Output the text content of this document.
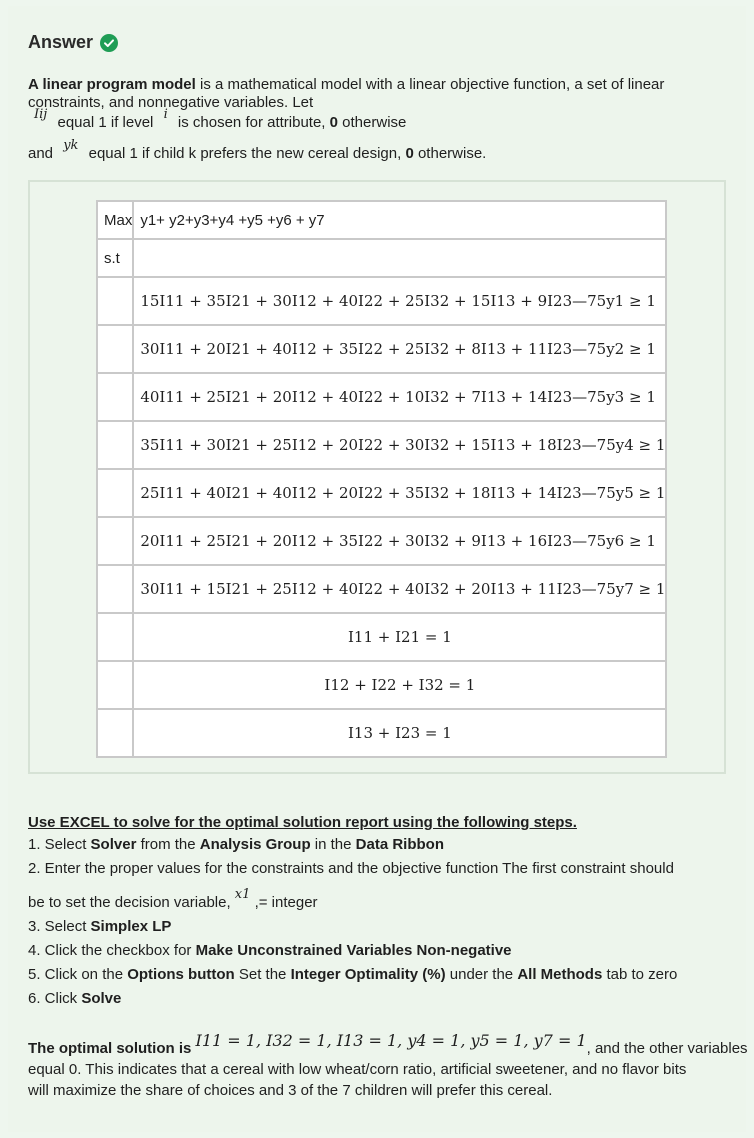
Answer
A linear program model is a mathematical model with a linear objective function, a set of linear constraints, and nonnegative variables. Let
Iij equal 1 if level i is chosen for attribute, 0 otherwise
and yk equal 1 if child k prefers the new cereal design, 0 otherwise.
Max	y1+ y2+y3+y4 +y5 +y6 + y7
s.t	
	15I11 + 35I21 + 30I12 + 40I22 + 25I32 + 15I13 + 9I23—75y1 ≥ 1
	30I11 + 20I21 + 40I12 + 35I22 + 25I32 + 8I13 + 11I23—75y2 ≥ 1
	40I11 + 25I21 + 20I12 + 40I22 + 10I32 + 7I13 + 14I23—75y3 ≥ 1
	35I11 + 30I21 + 25I12 + 20I22 + 30I32 + 15I13 + 18I23—75y4 ≥ 1
	25I11 + 40I21 + 40I12 + 20I22 + 35I32 + 18I13 + 14I23—75y5 ≥ 1
	20I11 + 25I21 + 20I12 + 35I22 + 30I32 + 9I13 + 16I23—75y6 ≥ 1
	30I11 + 15I21 + 25I12 + 40I22 + 40I32 + 20I13 + 11I23—75y7 ≥ 1
	I11 + I21 = 1
	I12 + I22 + I32 = 1
	I13 + I23 = 1
Use EXCEL to solve for the optimal solution report using the following steps.
1. Select Solver from the Analysis Group in the Data Ribbon
2. Enter the proper values for the constraints and the objective function The first constraint should
be to set the decision variable, x1 ,= integer
3. Select Simplex LP
4. Click the checkbox for Make Unconstrained Variables Non-negative
5. Click on the Options button Set the Integer Optimality (%) under the All Methods tab to zero
6. Click Solve
The optimal solution is I11 = 1, I32 = 1, I13 = 1, y4 = 1, y5 = 1, y7 = 1, and the other variables
equal 0. This indicates that a cereal with low wheat/corn ratio, artificial sweetener, and no flavor bits
will maximize the share of choices and 3 of the 7 children will prefer this cereal.
